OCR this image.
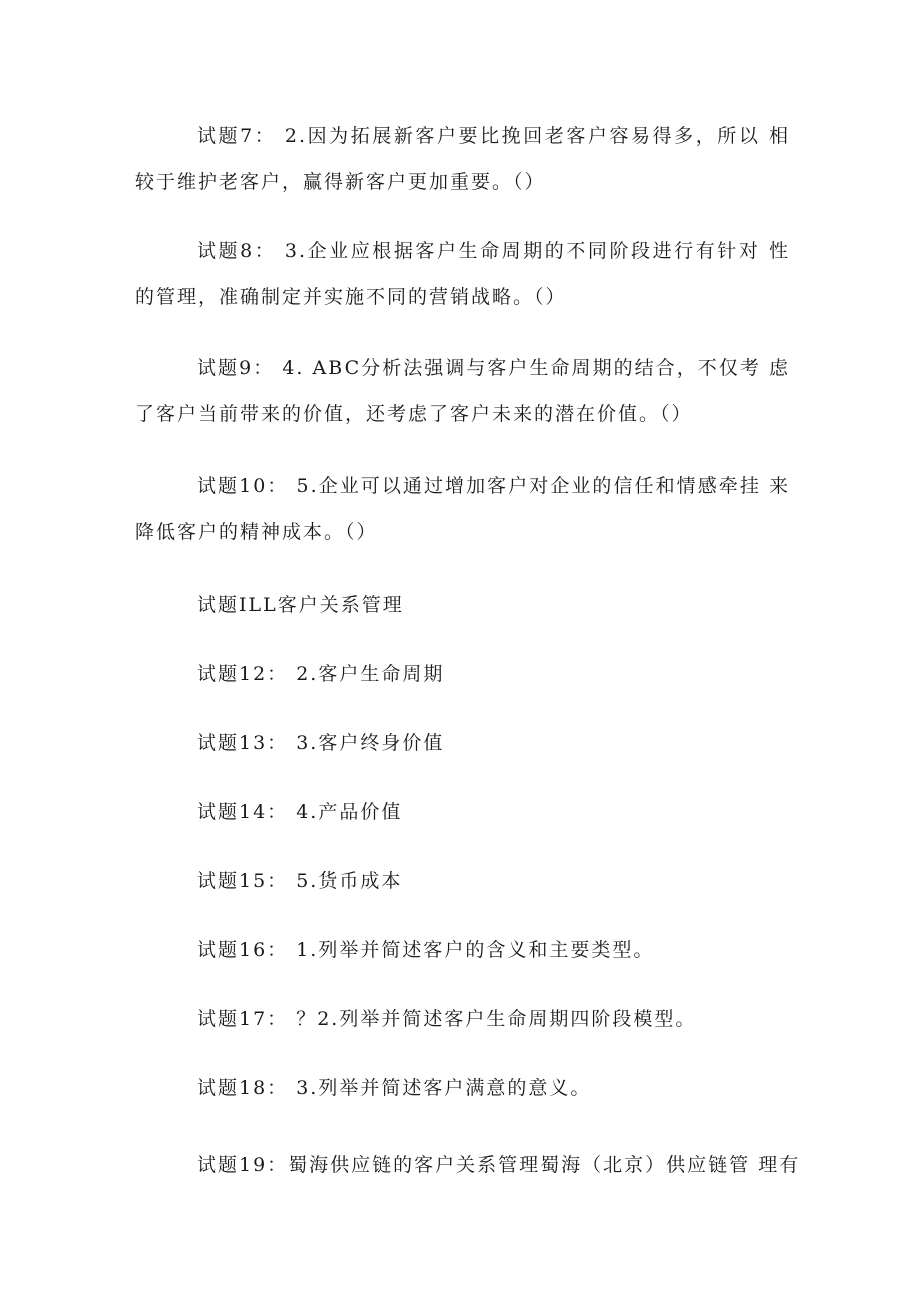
试题7： 2.因为拓展新客户要比挽回老客户容易得多，所以 相较于维护老客户，赢得新客户更加重要。（）

试题8： 3.企业应根据客户生命周期的不同阶段进行有针对 性的管理，准确制定并实施不同的营销战略。（）

试题9： 4. ABC分析法强调与客户生命周期的结合，不仅考 虑了客户当前带来的价值，还考虑了客户未来的潜在价值。（）

试题10： 5.企业可以通过增加客户对企业的信任和情感牵挂 来降低客户的精神成本。（）

试题ILL客户关系管理

试题12： 2.客户生命周期

试题13： 3.客户终身价值

试题14： 4.产品价值

试题15： 5.货币成本

试题16： 1.列举并简述客户的含义和主要类型。

试题17： ？2.列举并简述客户生命周期四阶段模型。

试题18： 3.列举并简述客户满意的意义。

试题19：蜀海供应链的客户关系管理蜀海（北京）供应链管 理有
